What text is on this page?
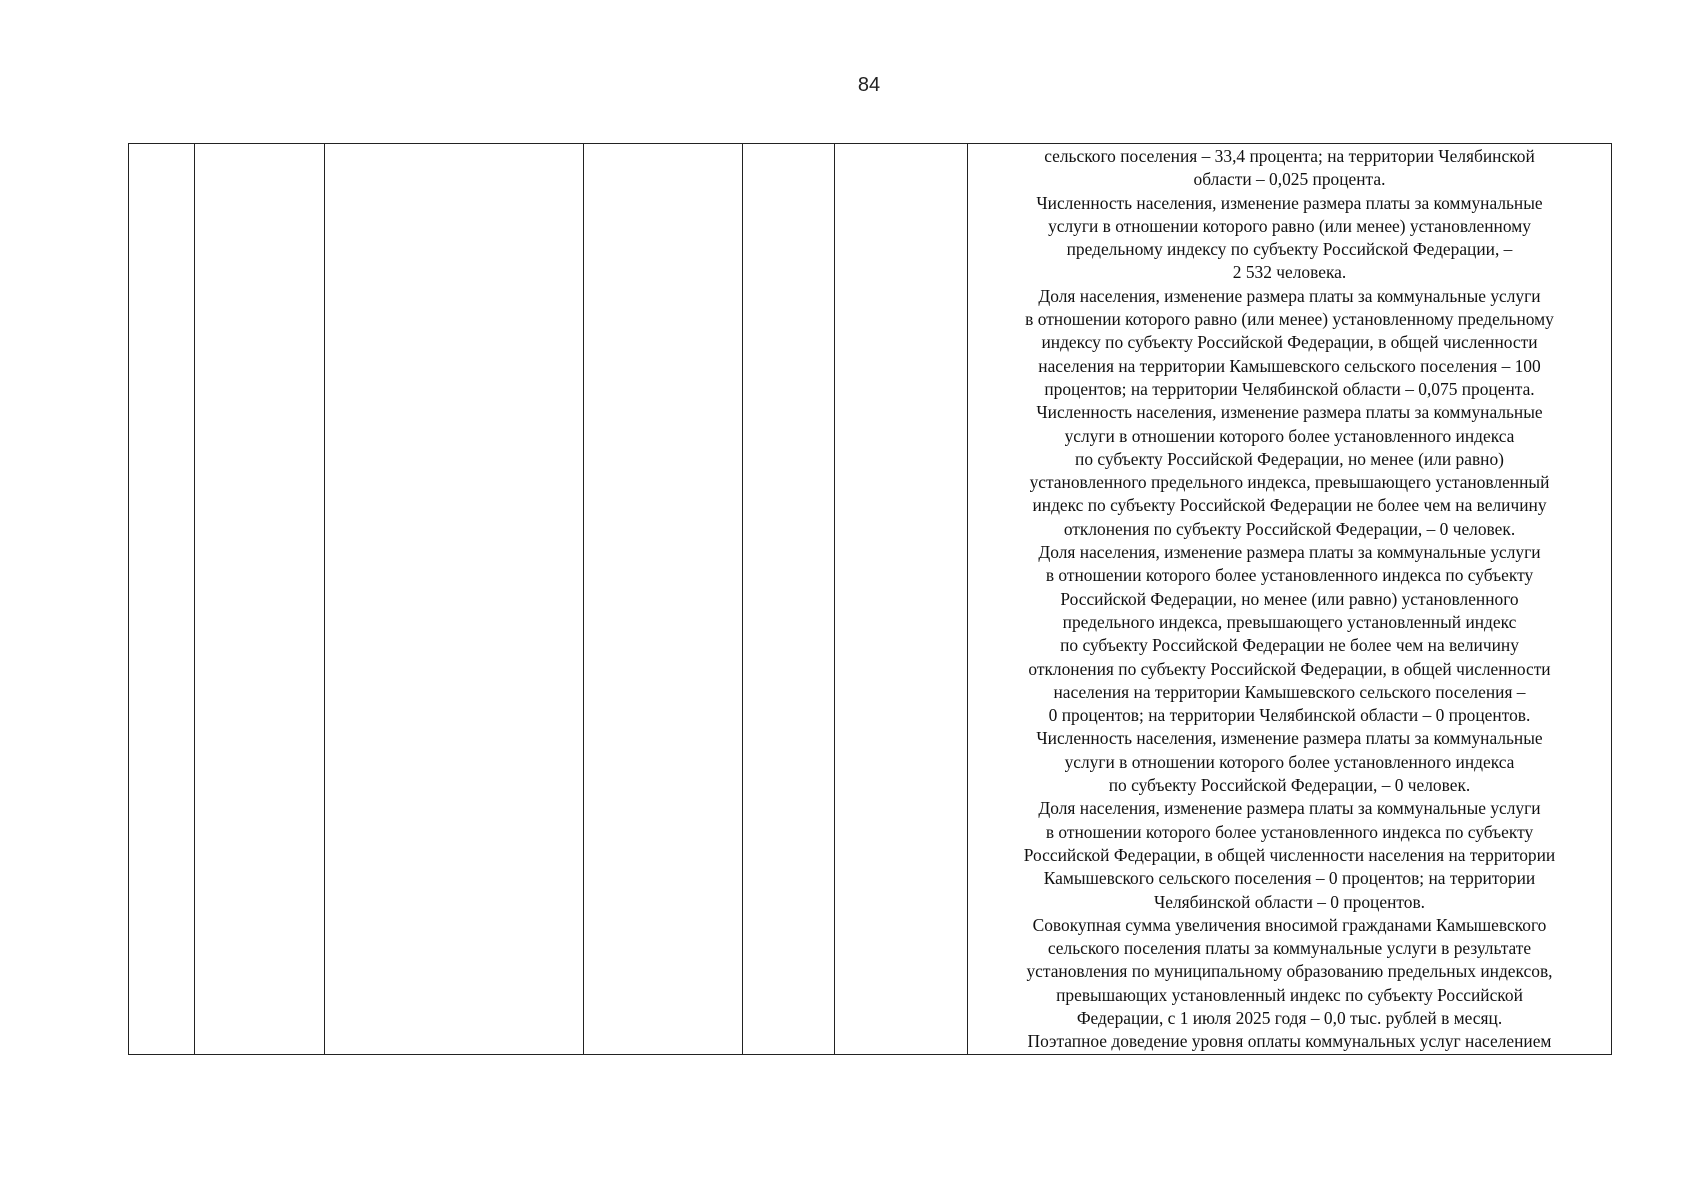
84

сельского поселения – 33,4 процента; на территории Челябинской
области – 0,025 процента.
Численность населения, изменение размера платы за коммунальные
услуги в отношении которого равно (или менее) установленному
предельному индексу по субъекту Российской Федерации, –
2 532 человека.
Доля населения, изменение размера платы за коммунальные услуги
в отношении которого равно (или менее) установленному предельному
индексу по субъекту Российской Федерации, в общей численности
населения на территории Камышевского сельского поселения – 100
процентов; на территории Челябинской области – 0,075 процента.
Численность населения, изменение размера платы за коммунальные
услуги в отношении которого более установленного индекса
по субъекту Российской Федерации, но менее (или равно)
установленного предельного индекса, превышающего установленный
индекс по субъекту Российской Федерации не более чем на величину
отклонения по субъекту Российской Федерации, – 0 человек.
Доля населения, изменение размера платы за коммунальные услуги
в отношении которого более установленного индекса по субъекту
Российской Федерации, но менее (или равно) установленного
предельного индекса, превышающего установленный индекс
по субъекту Российской Федерации не более чем на величину
отклонения по субъекту Российской Федерации, в общей численности
населения на территории Камышевского сельского поселения –
0 процентов; на территории Челябинской области – 0 процентов.
Численность населения, изменение размера платы за коммунальные
услуги в отношении которого более установленного индекса
по субъекту Российской Федерации, – 0 человек.
Доля населения, изменение размера платы за коммунальные услуги
в отношении которого более установленного индекса по субъекту
Российской Федерации, в общей численности населения на территории
Камышевского сельского поселения – 0 процентов; на территории
Челябинской области – 0 процентов.
Совокупная сумма увеличения вносимой гражданами Камышевского
сельского поселения платы за коммунальные услуги в результате
установления по муниципальному образованию предельных индексов,
превышающих установленный индекс по субъекту Российской
Федерации, с 1 июля 2025 годя – 0,0 тыс. рублей в месяц.
Поэтапное доведение уровня оплаты коммунальных услуг населением
